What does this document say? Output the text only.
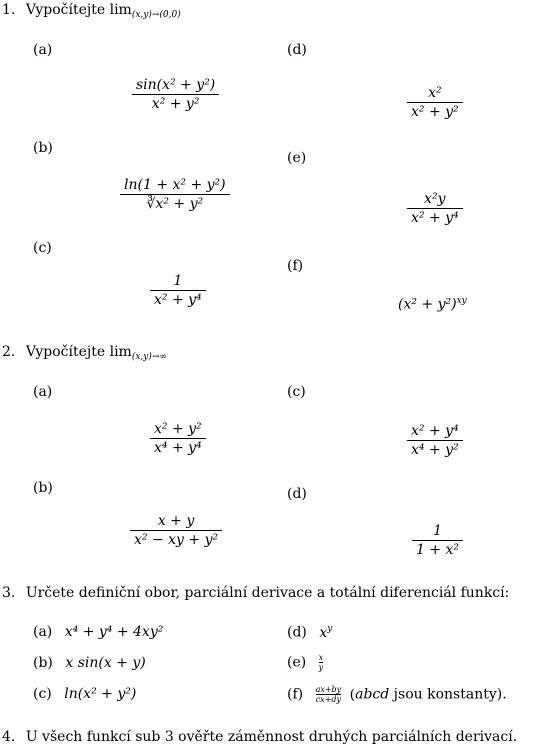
1. Vypočítejte $\lim_{(x,y)\to(0,0)}$
(a)
(b)
(c)
(d)
(e)
(f)
sin(x² + y²)
x² + y²
ln(1 + x² + y²)
∛x² + y²
1
x² + y⁴
x²
x² + y²
x²y
x² + y⁴
$(x^2 + y^2)^{xy}$
2. Vypočítejte $\lim_{(x,y)\to\infty}$
(a)
(b)
(c)
(d)
x² + y²
x⁴ + y⁴
x + y
x² − xy + y²
x² + y⁴
x⁴ + y²
1
1 + x²
3. Určete definiční obor, parciální derivace a totální diferenciál funkcí:
(a) x⁴ + y⁴ + 4xy²
(b) x sin(x + y)
(c) ln(x² + y²)
(d) $x^y$
$(e) \frac{x}{y}$
$(f) \frac{ax+by}{cx+dy}$ (abcd jsou konstanty).
4. U všech funkcí sub 3 ověřte záměnnost druhých parciálních derivací.
